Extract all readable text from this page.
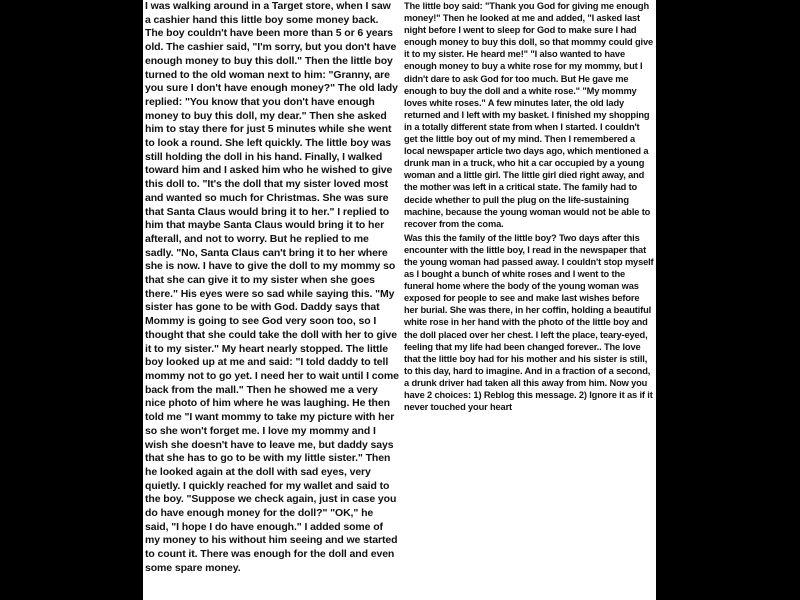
I was walking around in a Target store, when I saw a cashier hand this little boy some money back. The boy couldn't have been more than 5 or 6 years old. The cashier said, "I'm sorry, but you don't have enough money to buy this doll." Then the little boy turned to the old woman next to him: "Granny, are you sure I don't have enough money?" The old lady replied: "You know that you don't have enough money to buy this doll, my dear." Then she asked him to stay there for just 5 minutes while she went to look a round. She left quickly. The little boy was still holding the doll in his hand. Finally, I walked toward him and I asked him who he wished to give this doll to. "It's the doll that my sister loved most and wanted so much for Christmas. She was sure that Santa Claus would bring it to her." I replied to him that maybe Santa Claus would bring it to her afterall, and not to worry. But he replied to me sadly. "No, Santa Claus can't bring it to her where she is now. I have to give the doll to my mommy so that she can give it to my sister when she goes there." His eyes were so sad while saying this. "My sister has gone to be with God. Daddy says that Mommy is going to see God very soon too, so I thought that she could take the doll with her to give it to my sister." My heart nearly stopped. The little boy looked up at me and said: "I told daddy to tell mommy not to go yet. I need her to wait until I come back from the mall." Then he showed me a very nice photo of him where he was laughing. He then told me "I want mommy to take my picture with her so she won't forget me. I love my mommy and I wish she doesn't have to leave me, but daddy says that she has to go to be with my little sister." Then he looked again at the doll with sad eyes, very quietly. I quickly reached for my wallet and said to the boy. "Suppose we check again, just in case you do have enough money for the doll?" "OK," he said, "I hope I do have enough." I added some of my money to his without him seeing and we started to count it. There was enough for the doll and even some spare money.

The little boy said: "Thank you God for giving me enough money!" Then he looked at me and added, "I asked last night before I went to sleep for God to make sure I had enough money to buy this doll, so that mommy could give it to my sister. He heard me!" "I also wanted to have enough money to buy a white rose for my mommy, but I didn't dare to ask God for too much. But He gave me enough to buy the doll and a white rose." "My mommy loves white roses." A few minutes later, the old lady returned and I left with my basket. I finished my shopping in a totally different state from when I started. I couldn't get the little boy out of my mind. Then I remembered a local newspaper article two days ago, which mentioned a drunk man in a truck, who hit a car occupied by a young woman and a little girl. The little girl died right away, and the mother was left in a critical state. The family had to decide whether to pull the plug on the life-sustaining machine, because the young woman would not be able to recover from the coma.

Was this the family of the little boy? Two days after this encounter with the little boy, I read in the newspaper that the young woman had passed away. I couldn't stop myself as I bought a bunch of white roses and I went to the funeral home where the body of the young woman was exposed for people to see and make last wishes before her burial. She was there, in her coffin, holding a beautiful white rose in her hand with the photo of the little boy and the doll placed over her chest. I left the place, teary-eyed, feeling that my life had been changed forever.. The love that the little boy had for his mother and his sister is still, to this day, hard to imagine. And in a fraction of a second, a drunk driver had taken all this away from him. Now you have 2 choices: 1) Reblog this message. 2) Ignore it as if it never touched your heart
